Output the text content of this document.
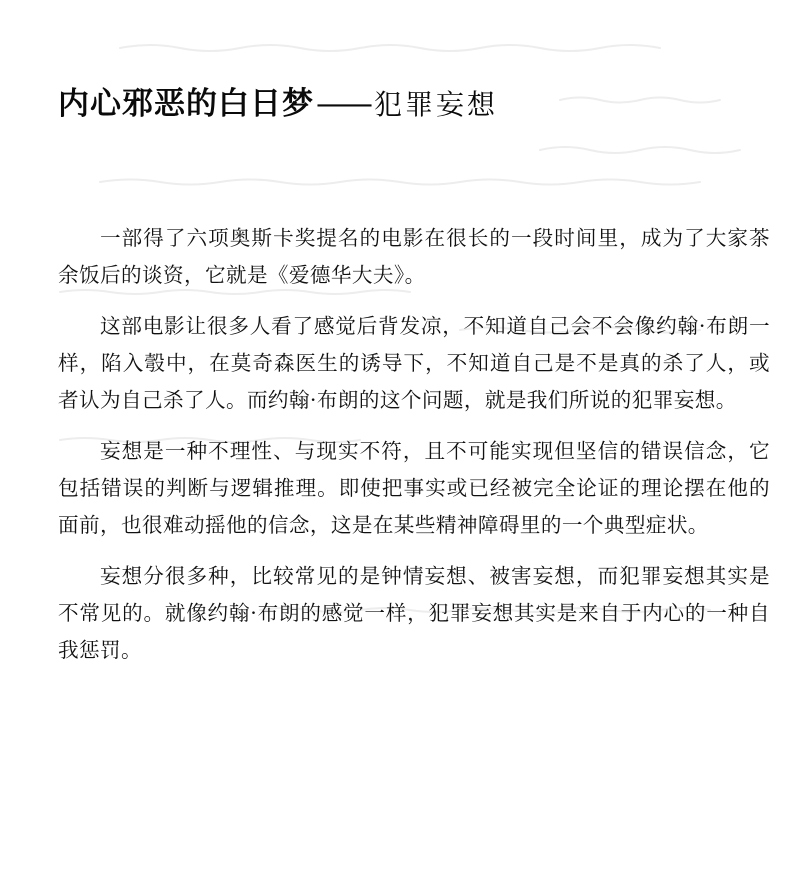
内心邪恶的白日梦 —— 犯罪妄想

一部得了六项奥斯卡奖提名的电影在很长的一段时间里，成为了大家茶余饭后的谈资，它就是《爱德华大夫》。

这部电影让很多人看了感觉后背发凉，不知道自己会不会像约翰·布朗一样，陷入彀中，在莫奇森医生的诱导下，不知道自己是不是真的杀了人，或者认为自己杀了人。而约翰·布朗的这个问题，就是我们所说的犯罪妄想。

妄想是一种不理性、与现实不符，且不可能实现但坚信的错误信念，它包括错误的判断与逻辑推理。即使把事实或已经被完全论证的理论摆在他的面前，也很难动摇他的信念，这是在某些精神障碍里的一个典型症状。

妄想分很多种，比较常见的是钟情妄想、被害妄想，而犯罪妄想其实是不常见的。就像约翰·布朗的感觉一样，犯罪妄想其实是来自于内心的一种自我惩罚。
